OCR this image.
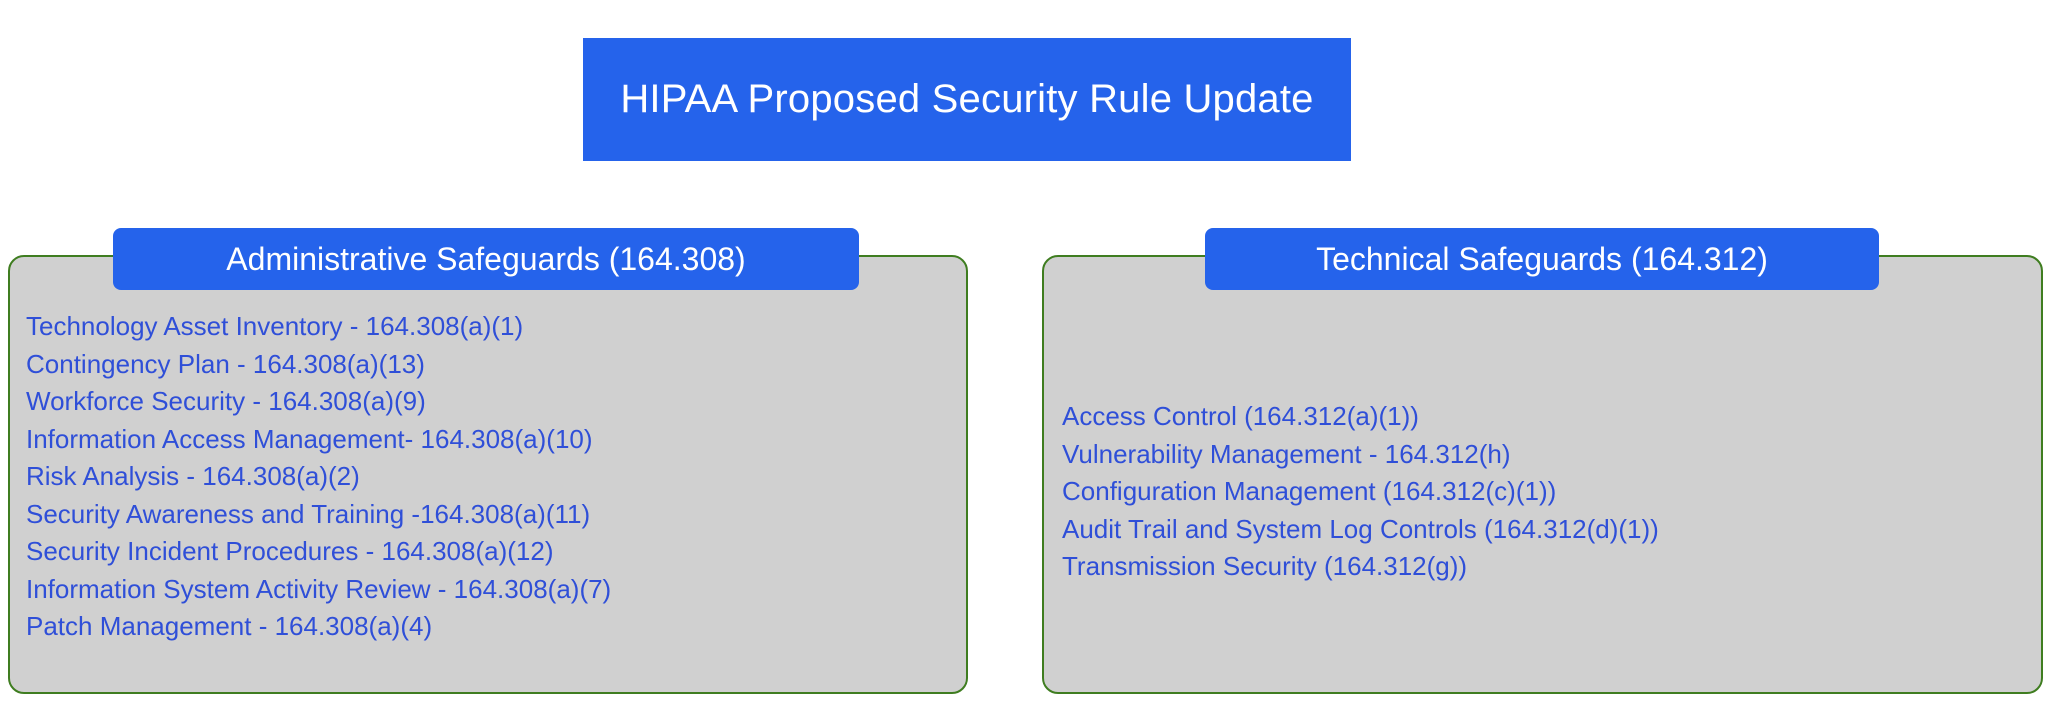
HIPAA Proposed Security Rule Update
Administrative Safeguards (164.308)
Technology Asset Inventory - 164.308(a)(1)
Contingency Plan - 164.308(a)(13)
Workforce Security - 164.308(a)(9)
Information Access Management- 164.308(a)(10)
Risk Analysis - 164.308(a)(2)
Security Awareness and Training -164.308(a)(11)
Security Incident Procedures - 164.308(a)(12)
Information System Activity Review - 164.308(a)(7)
Patch Management - 164.308(a)(4)
Technical Safeguards (164.312)
Access Control (164.312(a)(1))
Vulnerability Management - 164.312(h)
Configuration Management (164.312(c)(1))
Audit Trail and System Log Controls (164.312(d)(1))
Transmission Security (164.312(g))
